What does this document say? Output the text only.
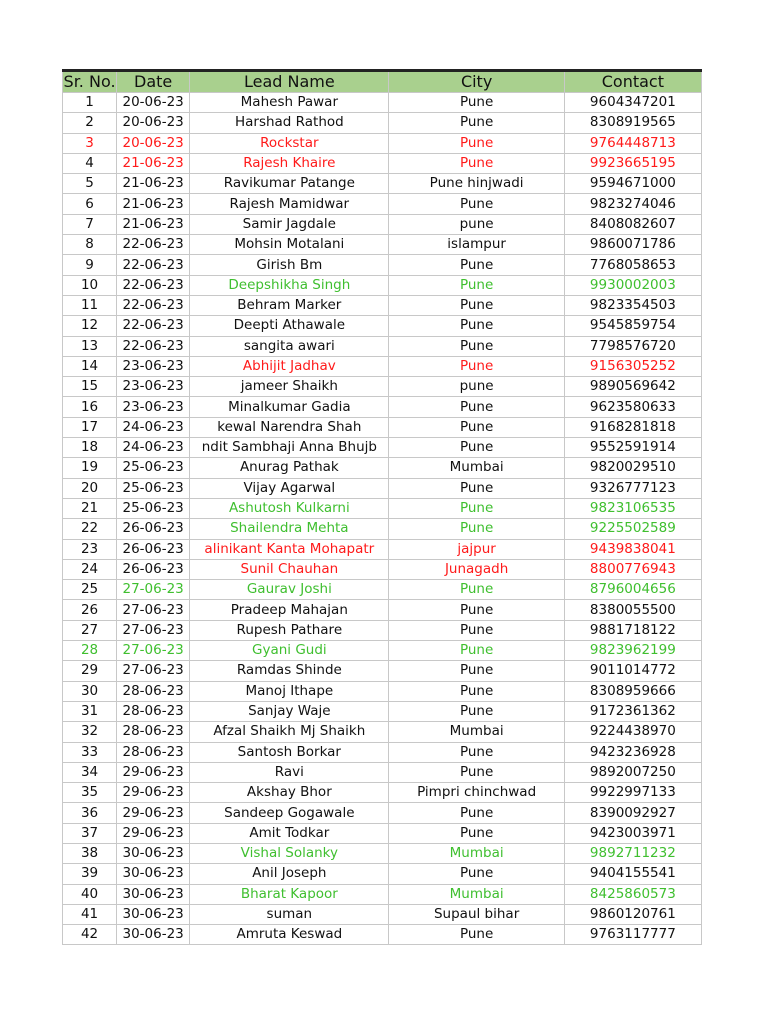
Sr. No.	Date	Lead Name	City	Contact
1	20-06-23	Mahesh Pawar	Pune	9604347201
2	20-06-23	Harshad Rathod	Pune	8308919565
3	20-06-23	Rockstar	Pune	9764448713
4	21-06-23	Rajesh Khaire	Pune	9923665195
5	21-06-23	Ravikumar Patange	Pune hinjwadi	9594671000
6	21-06-23	Rajesh Mamidwar	Pune	9823274046
7	21-06-23	Samir Jagdale	pune	8408082607
8	22-06-23	Mohsin Motalani	islampur	9860071786
9	22-06-23	Girish Bm	Pune	7768058653
10	22-06-23	Deepshikha Singh	Pune	9930002003
11	22-06-23	Behram Marker	Pune	9823354503
12	22-06-23	Deepti Athawale	Pune	9545859754
13	22-06-23	sangita awari	Pune	7798576720
14	23-06-23	Abhijit Jadhav	Pune	9156305252
15	23-06-23	jameer Shaikh	pune	9890569642
16	23-06-23	Minalkumar Gadia	Pune	9623580633
17	24-06-23	kewal Narendra Shah	Pune	9168281818
18	24-06-23	ndit Sambhaji Anna Bhujb	Pune	9552591914
19	25-06-23	Anurag Pathak	Mumbai	9820029510
20	25-06-23	Vijay Agarwal	Pune	9326777123
21	25-06-23	Ashutosh Kulkarni	Pune	9823106535
22	26-06-23	Shailendra Mehta	Pune	9225502589
23	26-06-23	alinikant Kanta Mohapatr	jajpur	9439838041
24	26-06-23	Sunil Chauhan	Junagadh	8800776943
25	27-06-23	Gaurav Joshi	Pune	8796004656
26	27-06-23	Pradeep Mahajan	Pune	8380055500
27	27-06-23	Rupesh Pathare	Pune	9881718122
28	27-06-23	Gyani Gudi	Pune	9823962199
29	27-06-23	Ramdas Shinde	Pune	9011014772
30	28-06-23	Manoj Ithape	Pune	8308959666
31	28-06-23	Sanjay Waje	Pune	9172361362
32	28-06-23	Afzal Shaikh Mj Shaikh	Mumbai	9224438970
33	28-06-23	Santosh Borkar	Pune	9423236928
34	29-06-23	Ravi	Pune	9892007250
35	29-06-23	Akshay Bhor	Pimpri chinchwad	9922997133
36	29-06-23	Sandeep Gogawale	Pune	8390092927
37	29-06-23	Amit Todkar	Pune	9423003971
38	30-06-23	Vishal Solanky	Mumbai	9892711232
39	30-06-23	Anil Joseph	Pune	9404155541
40	30-06-23	Bharat Kapoor	Mumbai	8425860573
41	30-06-23	suman	Supaul bihar	9860120761
42	30-06-23	Amruta Keswad	Pune	9763117777
